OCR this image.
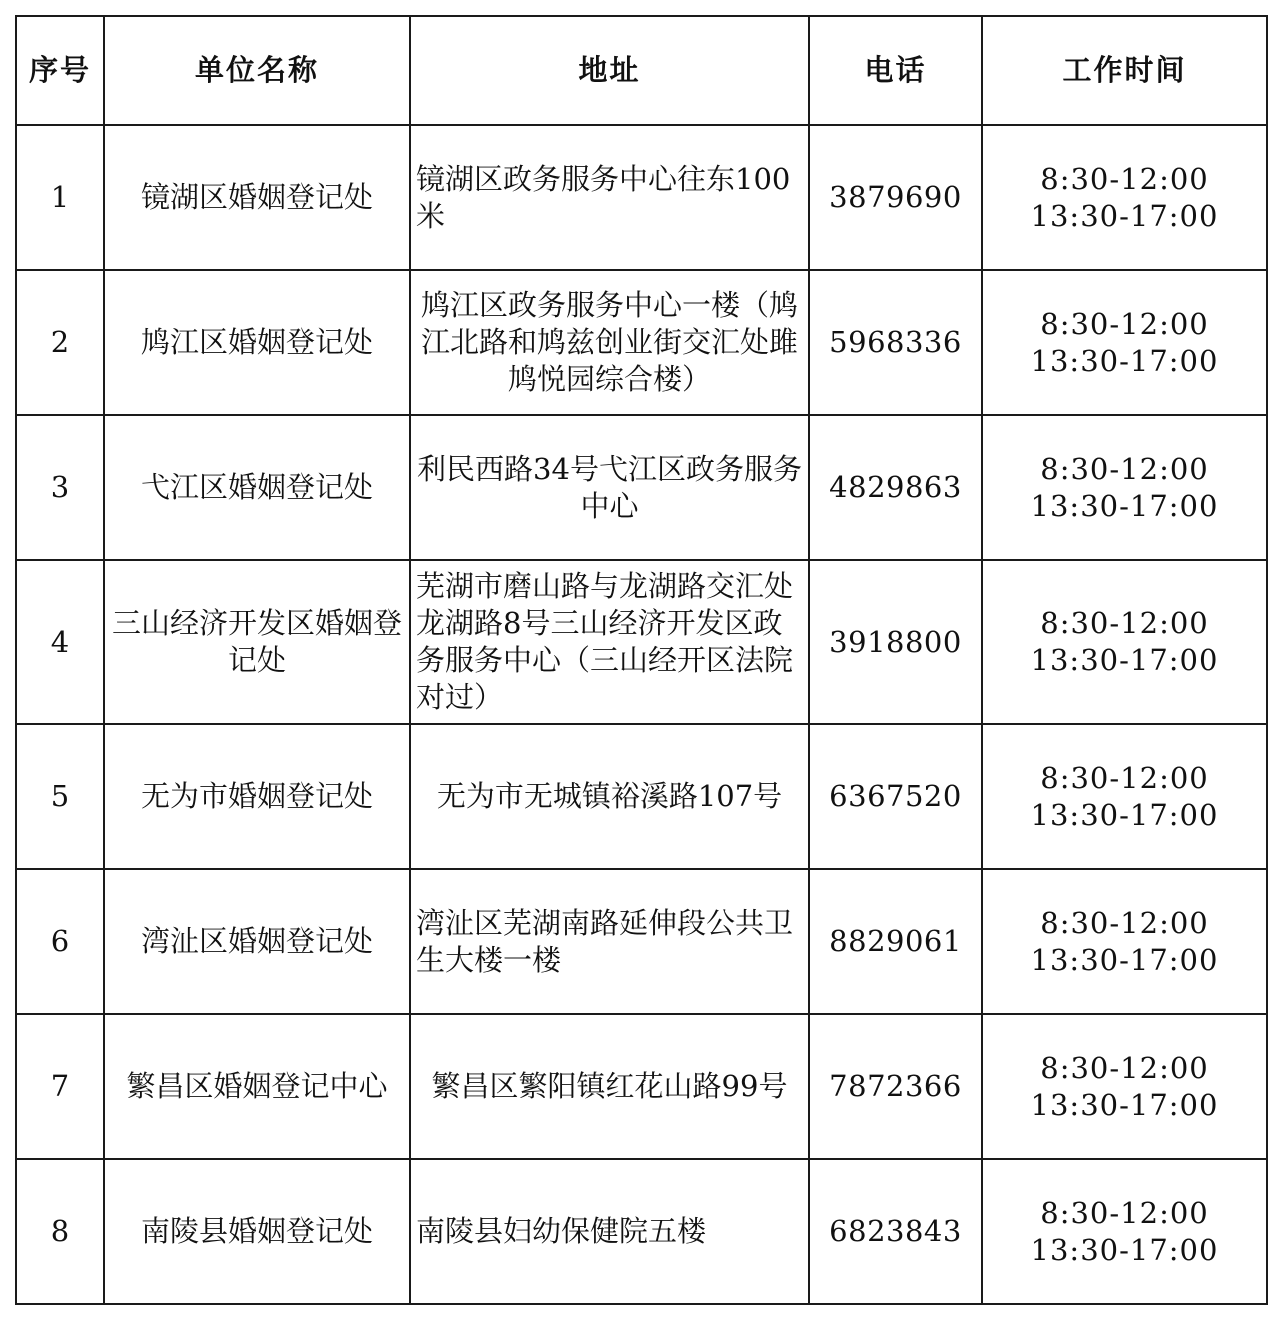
序号	单位名称	地址	电话	工作时间
1	镜湖区婚姻登记处	镜湖区政务服务中心往东100米	3879690	8:30-12:00
13:30-17:00

2	鸠江区婚姻登记处	鸠江区政务服务中心一楼（鸠江北路和鸠兹创业街交汇处雎鸠悦园综合楼）	5968336	8:30-12:00
13:30-17:00

3	弋江区婚姻登记处	利民西路34号弋江区政务服务中心	4829863	8:30-12:00
13:30-17:00

4	三山经济开发区婚姻登记处	芜湖市磨山路与龙湖路交汇处龙湖路8号三山经济开发区政务服务中心（三山经开区法院对过）	3918800	8:30-12:00
13:30-17:00

5	无为市婚姻登记处	无为市无城镇裕溪路107号	6367520	8:30-12:00
13:30-17:00

6	湾沚区婚姻登记处	湾沚区芜湖南路延伸段公共卫生大楼一楼	8829061	8:30-12:00
13:30-17:00

7	繁昌区婚姻登记中心	繁昌区繁阳镇红花山路99号	7872366	8:30-12:00
13:30-17:00

8	南陵县婚姻登记处	南陵县妇幼保健院五楼	6823843	8:30-12:00
13:30-17:00
